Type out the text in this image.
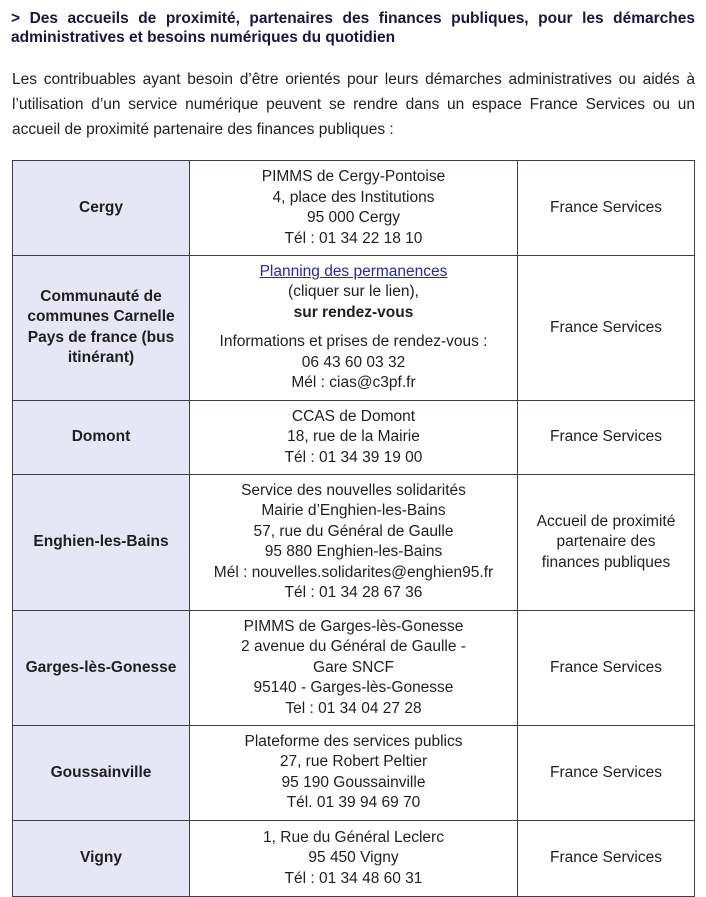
> Des accueils de proximité, partenaires des finances publiques, pour les démarches administratives et besoins numériques du quotidien
Les contribuables ayant besoin d’être orientés pour leurs démarches administratives ou aidés à l’utilisation d’un service numérique peuvent se rendre dans un espace France Services ou un accueil de proximité partenaire des finances publiques :
Cergy
PIMMS de Cergy-Pontoise
4, place des Institutions
95 000 Cergy
Tél : 01 34 22 18 10
France Services
Communauté de communes Carnelle Pays de france (bus itinérant)
Planning des permanences
(cliquer sur le lien),
sur rendez-vous
Informations et prises de rendez-vous :
06 43 60 03 32
Mél : cias@c3pf.fr
France Services
Domont
CCAS de Domont
18, rue de la Mairie
Tél : 01 34 39 19 00
France Services
Enghien-les-Bains
Service des nouvelles solidarités
Mairie d’Enghien-les-Bains
57, rue du Général de Gaulle
95 880 Enghien-les-Bains
Mél : nouvelles.solidarites@enghien95.fr
Tél : 01 34 28 67 36
Accueil de proximité partenaire des finances publiques
Garges-lès-Gonesse
PIMMS de Garges-lès-Gonesse
2 avenue du Général de Gaulle -
Gare SNCF
95140 - Garges-lès-Gonesse
Tel : 01 34 04 27 28
France Services
Goussainville
Plateforme des services publics
27, rue Robert Peltier
95 190 Goussainville
Tél. 01 39 94 69 70
France Services
Vigny
1, Rue du Général Leclerc
95 450 Vigny
Tél : 01 34 48 60 31
France Services
